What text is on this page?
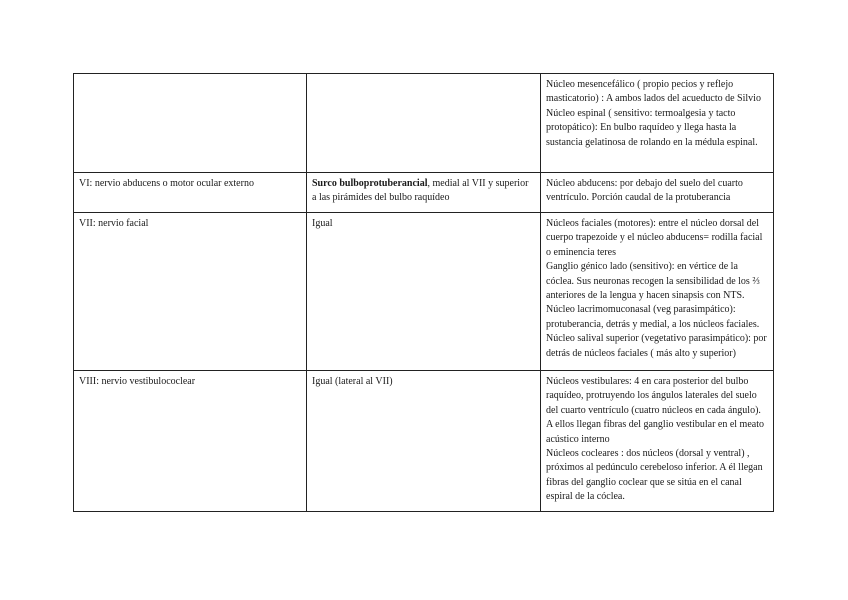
		Núcleo mesencefálico ( propio pecios y reflejo masticatorio) : A ambos lados del acueducto de Silvio
Núcleo espinal ( sensitivo: termoalgesia y tacto protopático): En bulbo raquídeo y llega hasta la sustancia gelatinosa de rolando en la médula espinal.

VI: nervio abducens o motor ocular externo	Surco bulboprotuberancial, medial al VII y superior a las pirámides del bulbo raquídeo	Núcleo abducens: por debajo del suelo del cuarto ventrículo. Porción caudal de la protuberancia

VII: nervio facial	Igual	Núcleos faciales (motores): entre el núcleo dorsal del cuerpo trapezoide y el núcleo abducens= rodilla facial o eminencia teres
Ganglio génico lado (sensitivo): en vértice de la cóclea. Sus neuronas recogen la sensibilidad de los ⅔ anteriores de la lengua y hacen sinapsis con NTS.
Núcleo lacrimomuconasal (veg parasimpático): protuberancia, detrás y medial, a los núcleos faciales.
Núcleo salival superior (vegetativo parasimpático): por detrás de núcleos faciales ( más alto y superior)

VIII: nervio vestibulococlear	Igual (lateral al VII)	Núcleos vestibulares: 4 en cara posterior del bulbo raquídeo, protruyendo los ángulos laterales del suelo del cuarto ventrículo (cuatro núcleos en cada ángulo). A ellos llegan fibras del ganglio vestibular en el meato acústico interno
Núcleos cocleares : dos núcleos (dorsal y ventral) , próximos al pedúnculo cerebeloso inferior. A él llegan fibras del ganglio coclear que se sitúa en el canal espiral de la cóclea.
